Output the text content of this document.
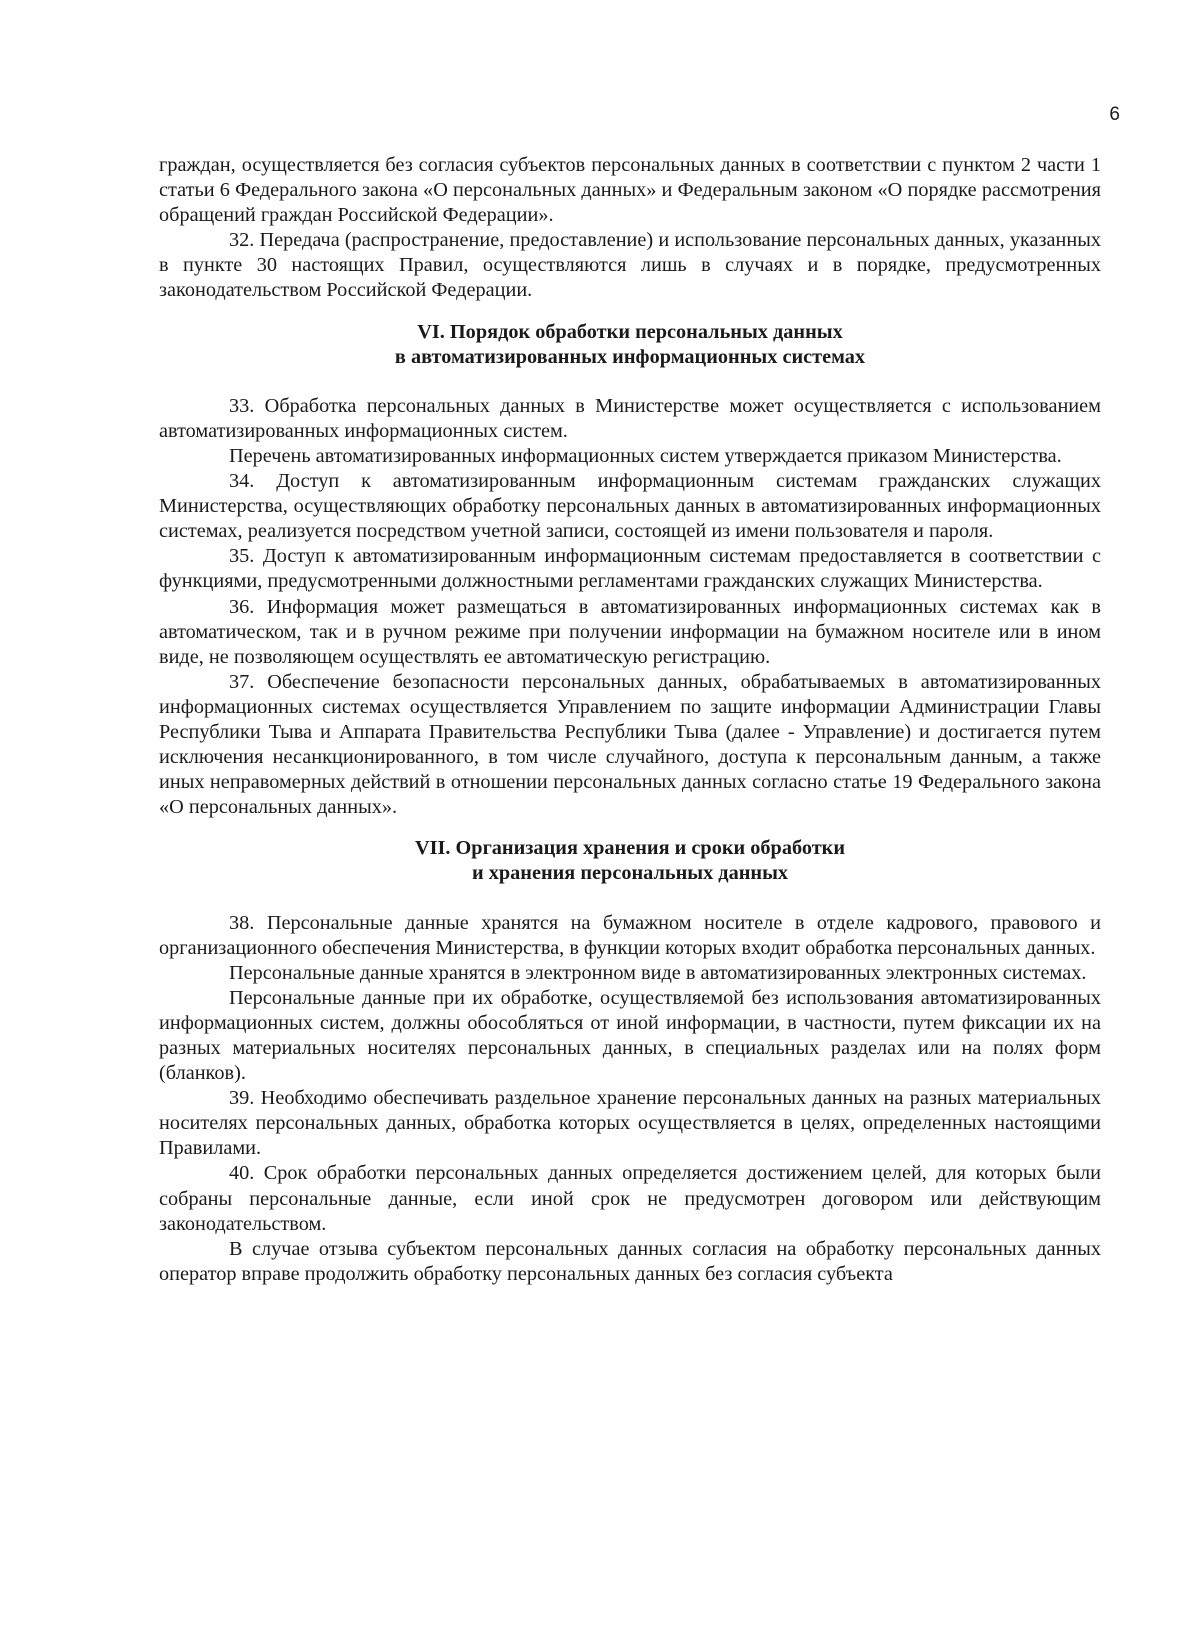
6

граждан, осуществляется без согласия субъектов персональных данных в соответствии с пунктом 2 части 1 статьи 6 Федерального закона «О персональных данных» и Федеральным законом «О порядке рассмотрения обращений граждан Российской Федерации».

32. Передача (распространение, предоставление) и использование персональных данных, указанных в пункте 30 настоящих Правил, осуществляются лишь в случаях и в порядке, предусмотренных законодательством Российской Федерации.

VI. Порядок обработки персональных данных
в автоматизированных информационных системах

33. Обработка персональных данных в Министерстве может осуществляется с использованием автоматизированных информационных систем.

Перечень автоматизированных информационных систем утверждается приказом Министерства.

34. Доступ к автоматизированным информационным системам гражданских служащих Министерства, осуществляющих обработку персональных данных в автоматизированных информационных системах, реализуется посредством учетной записи, состоящей из имени пользователя и пароля.

35. Доступ к автоматизированным информационным системам предоставляется в соответствии с функциями, предусмотренными должностными регламентами гражданских служащих Министерства.

36. Информация может размещаться в автоматизированных информационных системах как в автоматическом, так и в ручном режиме при получении информации на бумажном носителе или в ином виде, не позволяющем осуществлять ее автоматическую регистрацию.

37. Обеспечение безопасности персональных данных, обрабатываемых в автоматизированных информационных системах осуществляется Управлением по защите информации Администрации Главы Республики Тыва и Аппарата Правительства Республики Тыва (далее - Управление) и достигается путем исключения несанкционированного, в том числе случайного, доступа к персональным данным, а также иных неправомерных действий в отношении персональных данных согласно статье 19 Федерального закона «О персональных данных».

VII. Организация хранения и сроки обработки
и хранения персональных данных

38. Персональные данные хранятся на бумажном носителе в отделе кадрового, правового и организационного обеспечения Министерства, в функции которых входит обработка персональных данных.

Персональные данные хранятся в электронном виде в автоматизированных электронных системах.

Персональные данные при их обработке, осуществляемой без использования автоматизированных информационных систем, должны обособляться от иной информации, в частности, путем фиксации их на разных материальных носителях персональных данных, в специальных разделах или на полях форм (бланков).

39. Необходимо обеспечивать раздельное хранение персональных данных на разных материальных носителях персональных данных, обработка которых осуществляется в целях, определенных настоящими Правилами.

40. Срок обработки персональных данных определяется достижением целей, для которых были собраны персональные данные, если иной срок не предусмотрен договором или действующим законодательством.

В случае отзыва субъектом персональных данных согласия на обработку персональных данных оператор вправе продолжить обработку персональных данных без согласия субъекта
